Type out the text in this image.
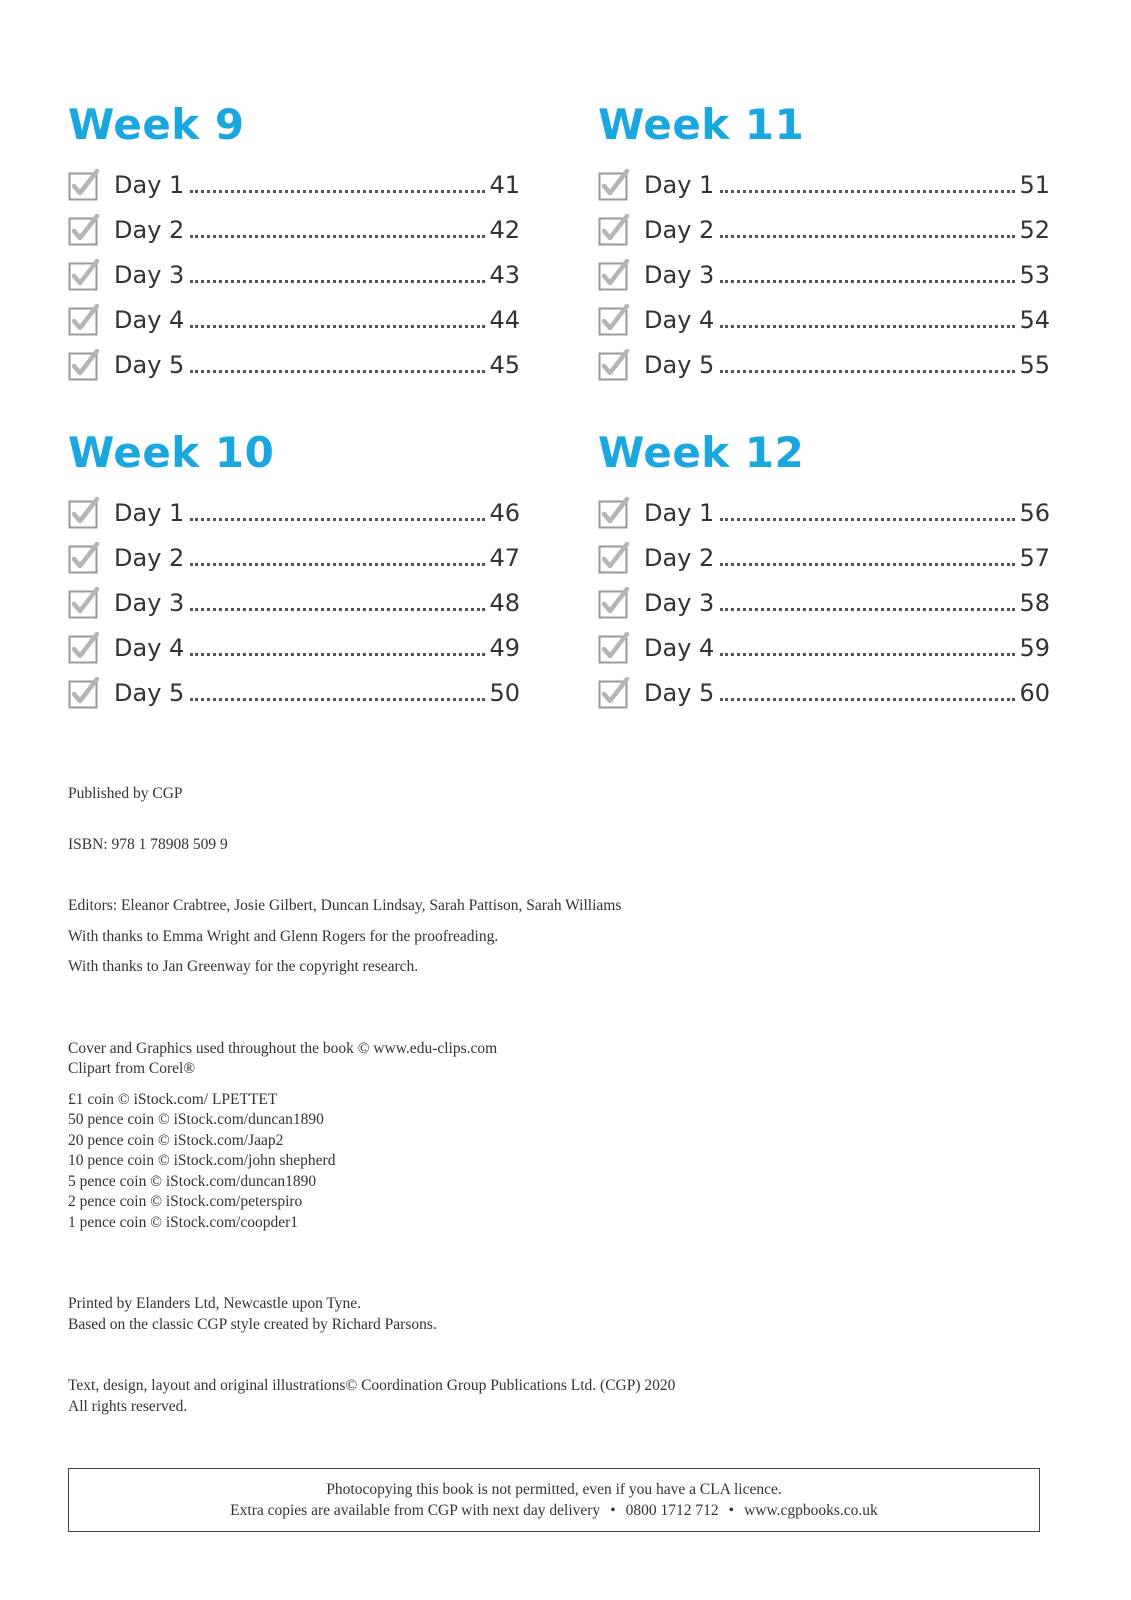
Week 9
Day 1	41
Day 2	42
Day 3	43
Day 4	44
Day 5	45
Week 11
Day 1	51
Day 2	52
Day 3	53
Day 4	54
Day 5	55
Week 10
Day 1	46
Day 2	47
Day 3	48
Day 4	49
Day 5	50
Week 12
Day 1	56
Day 2	57
Day 3	58
Day 4	59
Day 5	60

Published by CGP

ISBN: 978 1 78908 509 9

Editors: Eleanor Crabtree, Josie Gilbert, Duncan Lindsay, Sarah Pattison, Sarah Williams

With thanks to Emma Wright and Glenn Rogers for the proofreading.

With thanks to Jan Greenway for the copyright research.

Cover and Graphics used throughout the book © www.edu-clips.com

Clipart from Corel®

£1 coin © iStock.com/ LPETTET

50 pence coin © iStock.com/duncan1890

20 pence coin © iStock.com/Jaap2

10 pence coin © iStock.com/john shepherd

5 pence coin © iStock.com/duncan1890

2 pence coin © iStock.com/peterspiro

1 pence coin © iStock.com/coopder1

Printed by Elanders Ltd, Newcastle upon Tyne.

Based on the classic CGP style created by Richard Parsons.

Text, design, layout and original illustrations© Coordination Group Publications Ltd. (CGP) 2020

All rights reserved.

Photocopying this book is not permitted, even if you have a CLA licence.
Extra copies are available from CGP with next day delivery • 0800 1712 712 • www.cgpbooks.co.uk
